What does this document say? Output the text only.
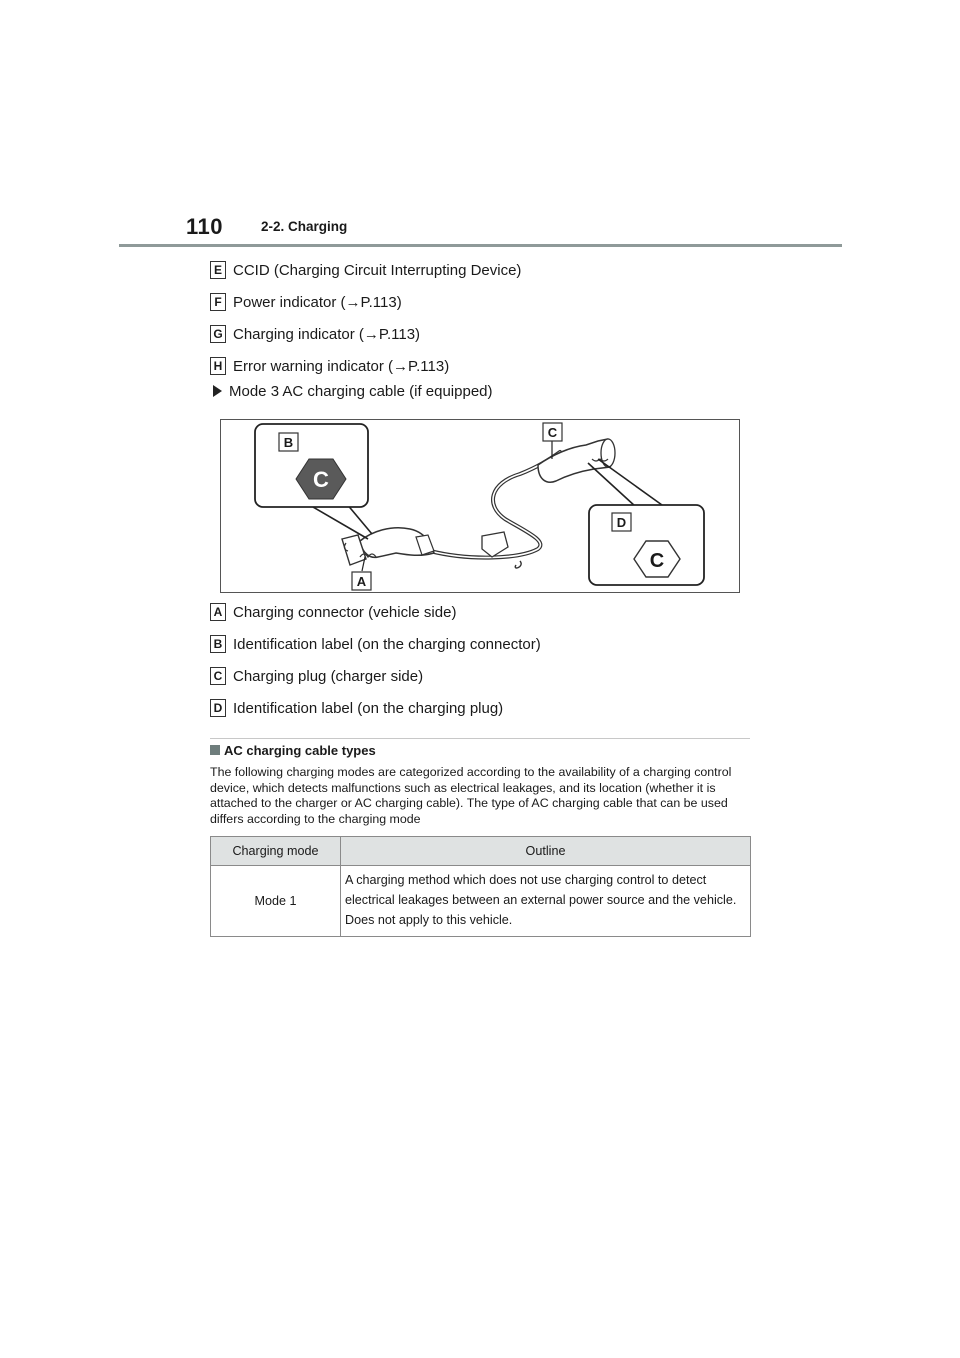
110	2-2. Charging
E CCID (Charging Circuit Interrupting Device)
F Power indicator (→P.113)
G Charging indicator (→P.113)
H Error warning indicator (→P.113)
Mode 3 AC charging cable (if equipped)
C
C
B
C
D
A
A Charging connector (vehicle side)
B Identification label (on the charging connector)
C Charging plug (charger side)
D Identification label (on the charging plug)
AC charging cable types
The following charging modes are categorized according to the availability of a charging control device, which detects malfunctions such as electrical leakages, and its location (whether it is attached to the charger or AC charging cable). The type of AC charging cable that can be used differs according to the charging mode
Charging mode	Outline
Mode 1	A charging method which does not use charging control to detect electrical leakages between an external power source and the vehicle. Does not apply to this vehicle.
